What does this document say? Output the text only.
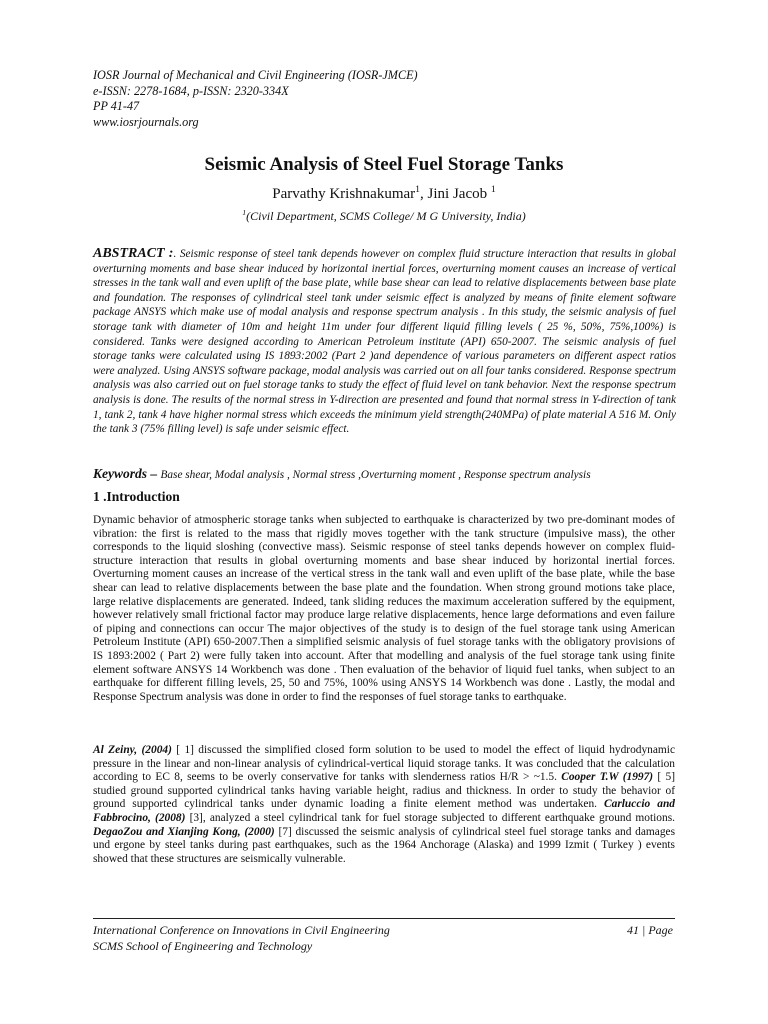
IOSR Journal of Mechanical and Civil Engineering (IOSR-JMCE)
e-ISSN: 2278-1684, p-ISSN: 2320-334X
PP 41-47
www.iosrjournals.org
Seismic Analysis of Steel Fuel Storage Tanks
Parvathy Krishnakumar$^1$, Jini Jacob $^1$
$^1$(Civil Department, SCMS College/ M G University, India)
ABSTRACT :. Seismic response of steel tank depends however on complex fluid structure interaction that results in global overturning moments and base shear induced by horizontal inertial forces, overturning moment causes an increase of vertical stresses in the tank wall and even uplift of the base plate, while base shear can lead to relative displacements between base plate and foundation. The responses of cylindrical steel tank under seismic effect is analyzed by means of finite element software package ANSYS which make use of modal analysis and response spectrum analysis . In this study, the seismic analysis of fuel storage tank with diameter of 10m and height 11m under four different liquid filling levels ( 25 %, 50%, 75%,100%) is considered. Tanks were designed according to American Petroleum institute (API) 650-2007. The seismic analysis of fuel storage tanks were calculated using IS 1893:2002 (Part 2 )and dependence of various parameters on different aspect ratios were analyzed. Using ANSYS software package, modal analysis was carried out on all four tanks considered. Response spectrum analysis was also carried out on fuel storage tanks to study the effect of fluid level on tank behavior. Next the response spectrum analysis is done. The results of the normal stress in Y-direction are presented and found that normal stress in Y-direction of tank 1, tank 2, tank 4 have higher normal stress which exceeds the minimum yield strength(240MPa) of plate material A 516 M. Only the tank 3 (75% filling level) is safe under seismic effect.
Keywords – Base shear, Modal analysis , Normal stress ,Overturning moment , Response spectrum analysis
1 .Introduction
Dynamic behavior of atmospheric storage tanks when subjected to earthquake is characterized by two pre-dominant modes of vibration: the first is related to the mass that rigidly moves together with the tank structure (impulsive mass), the other corresponds to the liquid sloshing (convective mass). Seismic response of steel tanks depends however on complex fluid-structure interaction that results in global overturning moments and base shear induced by horizontal inertial forces. Overturning moment causes an increase of the vertical stress in the tank wall and even uplift of the base plate, while the base shear can lead to relative displacements between the base plate and the foundation. When strong ground motions take place, large relative displacements are generated. Indeed, tank sliding reduces the maximum acceleration suffered by the equipment, however relatively small frictional factor may produce large relative displacements, hence large deformations and even failure of piping and connections can occur The major objectives of the study is to design of the fuel storage tank using American Petroleum Institute (API) 650-2007.Then a simplified seismic analysis of fuel storage tanks with the obligatory provisions of IS 1893:2002 ( Part 2) were fully taken into account. After that modelling and analysis of the fuel storage tank using finite element software ANSYS 14 Workbench was done . Then evaluation of the behavior of liquid fuel tanks, when subject to an earthquake for different filling levels, 25, 50 and 75%, 100% using ANSYS 14 Workbench was done . Lastly, the modal and Response Spectrum analysis was done in order to find the responses of fuel storage tanks to earthquake.
Al Zeiny, (2004) [ 1] discussed the simplified closed form solution to be used to model the effect of liquid hydrodynamic pressure in the linear and non-linear analysis of cylindrical-vertical liquid storage tanks. It was concluded that the calculation according to EC 8, seems to be overly conservative for tanks with slenderness ratios H/R > ~1.5. Cooper T.W (1997) [ 5] studied ground supported cylindrical tanks having variable height, radius and thickness. In order to study the behavior of ground supported cylindrical tanks under dynamic loading a finite element method was undertaken. Carluccio and Fabbrocino, (2008) [3], analyzed a steel cylindrical tank for fuel storage subjected to different earthquake ground motions. DegaoZou and Xianjing Kong, (2000) [7] discussed the seismic analysis of cylindrical steel fuel storage tanks and damages und ergone by steel tanks during past earthquakes, such as the 1964 Anchorage (Alaska) and 1999 Izmit ( Turkey ) events showed that these structures are seismically vulnerable.
International Conference on Innovations in Civil Engineering
SCMS School of Engineering and Technology
41 | Page
